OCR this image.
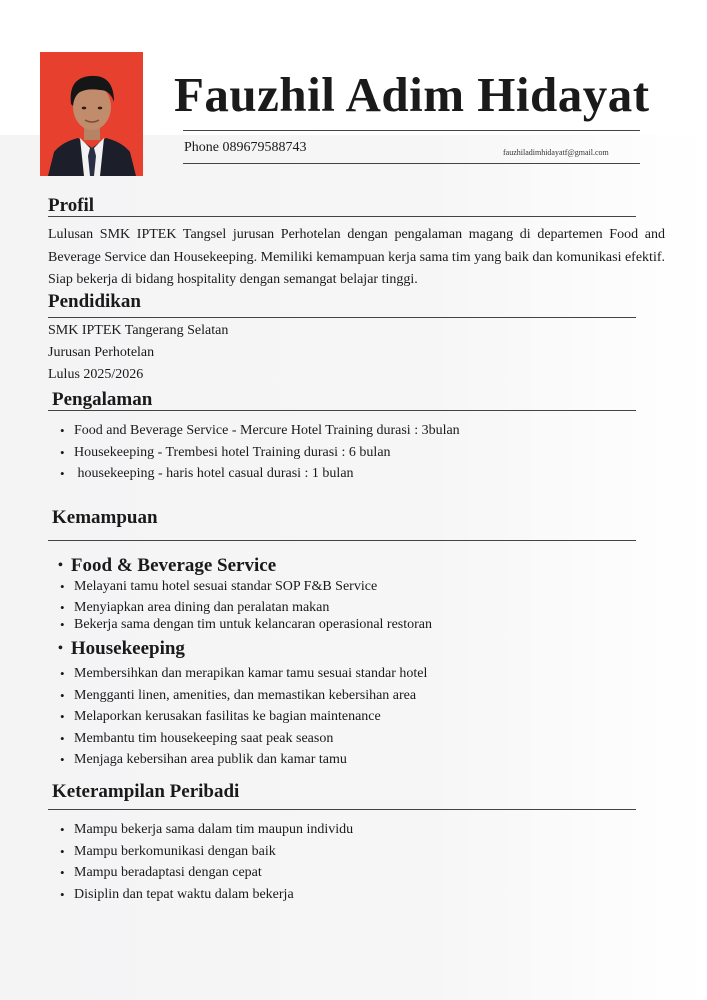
Fauzhil Adim Hidayat
Phone 089679588743	fauzhiladimhidayatf@gmail.com
Profil
Lulusan SMK IPTEK Tangsel jurusan Perhotelan dengan pengalaman magang di departemen Food and Beverage Service dan Housekeeping. Memiliki kemampuan kerja sama tim yang baik dan komunikasi efektif. Siap bekerja di bidang hospitality dengan semangat belajar tinggi.
Pendidikan
SMK IPTEK Tangerang Selatan
Jurusan Perhotelan
Lulus 2025/2026
Pengalaman
• Food and Beverage Service - Mercure Hotel Training durasi : 3bulan
• Housekeeping - Trembesi hotel Training durasi : 6 bulan
•  housekeeping - haris hotel casual durasi : 1 bulan
Kemampuan
• Food & Beverage Service
• Melayani tamu hotel sesuai standar SOP F&B Service
• Menyiapkan area dining dan peralatan makan
• Bekerja sama dengan tim untuk kelancaran operasional restoran
• Housekeeping
• Membersihkan dan merapikan kamar tamu sesuai standar hotel
• Mengganti linen, amenities, dan memastikan kebersihan area
• Melaporkan kerusakan fasilitas ke bagian maintenance
• Membantu tim housekeeping saat peak season
• Menjaga kebersihan area publik dan kamar tamu
Keterampilan Peribadi
• Mampu bekerja sama dalam tim maupun individu
• Mampu berkomunikasi dengan baik
• Mampu beradaptasi dengan cepat
• Disiplin dan tepat waktu dalam bekerja
